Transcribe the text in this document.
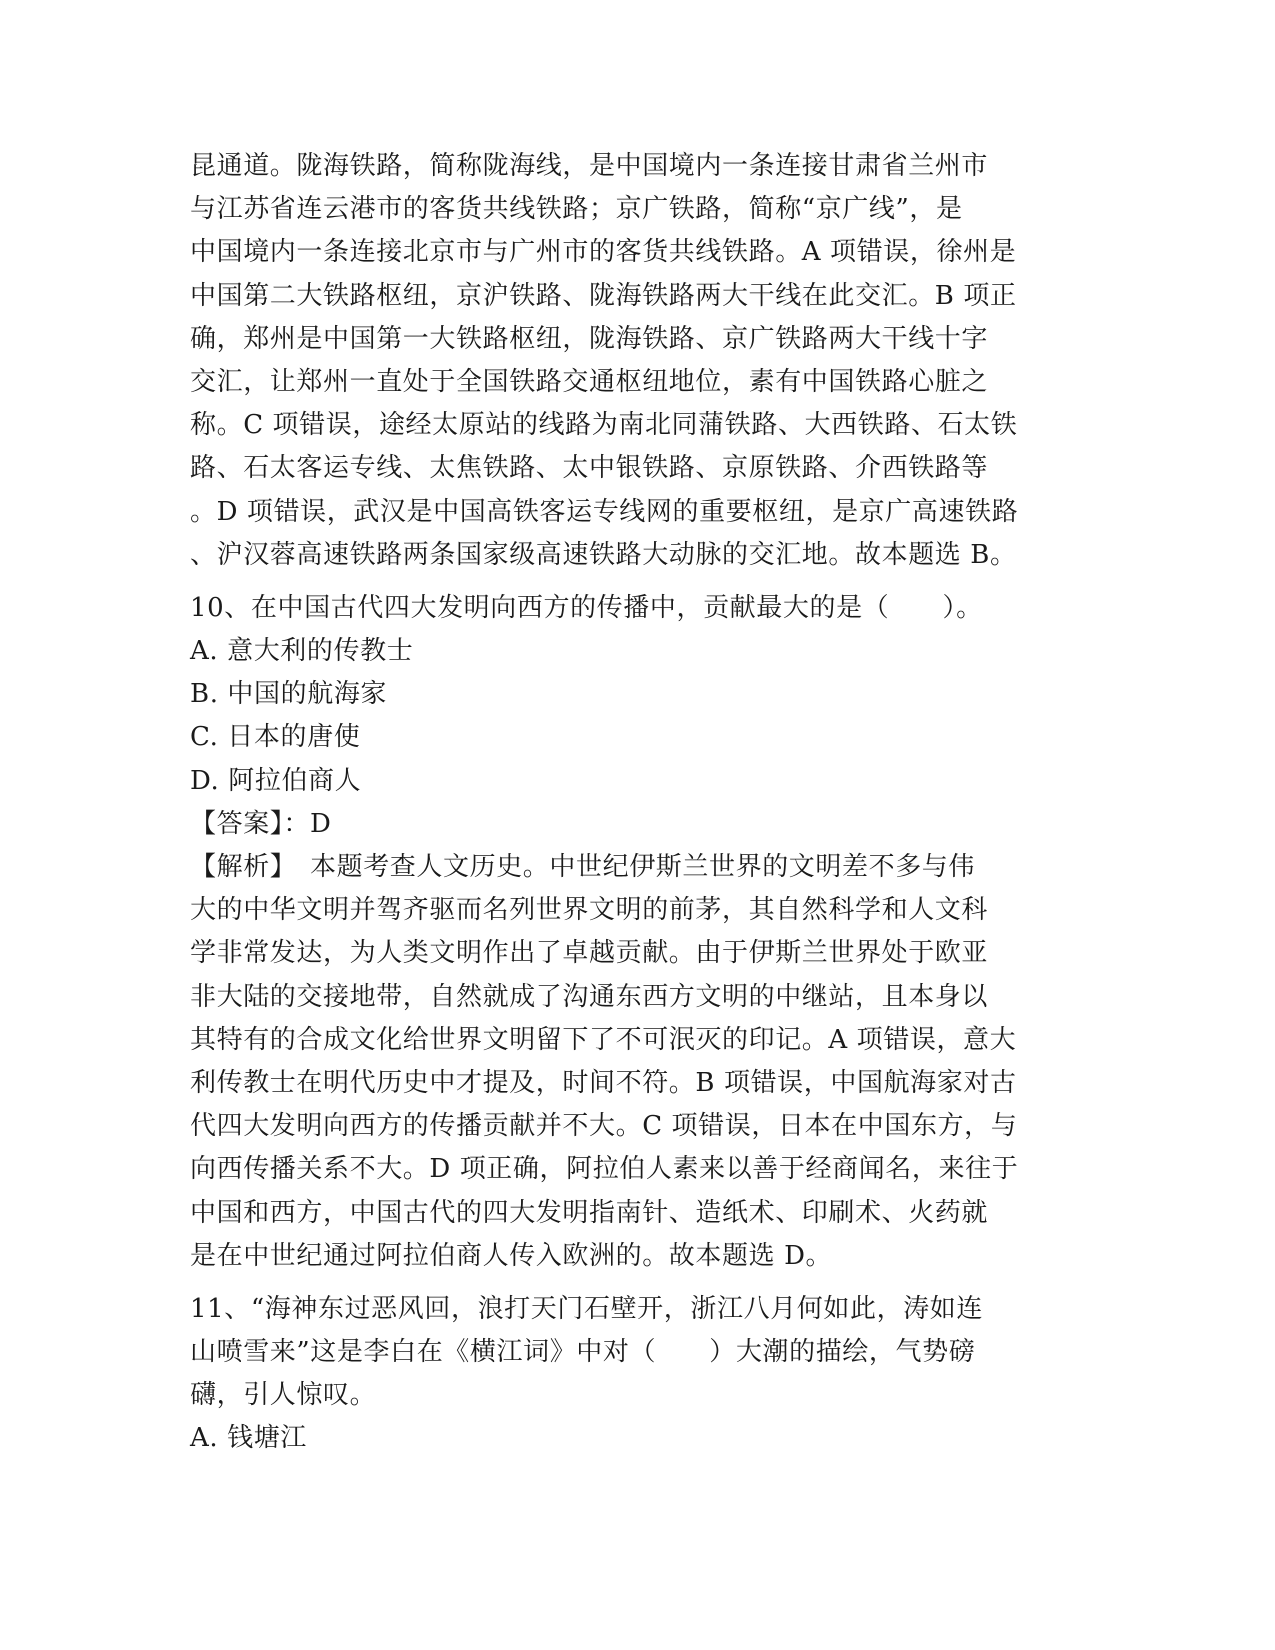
昆通道。陇海铁路，简称陇海线，是中国境内一条连接甘肃省兰州市
与江苏省连云港市的客货共线铁路；京广铁路，简称“京广线”，是
中国境内一条连接北京市与广州市的客货共线铁路。A 项错误，徐州是
中国第二大铁路枢纽，京沪铁路、陇海铁路两大干线在此交汇。B 项正
确，郑州是中国第一大铁路枢纽，陇海铁路、京广铁路两大干线十字
交汇，让郑州一直处于全国铁路交通枢纽地位，素有中国铁路心脏之
称。C 项错误，途经太原站的线路为南北同蒲铁路、大西铁路、石太铁
路、石太客运专线、太焦铁路、太中银铁路、京原铁路、介西铁路等
。D 项错误，武汉是中国高铁客运专线网的重要枢纽，是京广高速铁路
、沪汉蓉高速铁路两条国家级高速铁路大动脉的交汇地。故本题选 B。
10、在中国古代四大发明向西方的传播中，贡献最大的是（　　）。
A. 意大利的传教士
B. 中国的航海家
C. 日本的唐使
D. 阿拉伯商人
【答案】：D
【解析】　本题考查人文历史。中世纪伊斯兰世界的文明差不多与伟
大的中华文明并驾齐驱而名列世界文明的前茅，其自然科学和人文科
学非常发达，为人类文明作出了卓越贡献。由于伊斯兰世界处于欧亚
非大陆的交接地带，自然就成了沟通东西方文明的中继站，且本身以
其特有的合成文化给世界文明留下了不可泯灭的印记。A 项错误，意大
利传教士在明代历史中才提及，时间不符。B 项错误，中国航海家对古
代四大发明向西方的传播贡献并不大。C 项错误，日本在中国东方，与
向西传播关系不大。D 项正确，阿拉伯人素来以善于经商闻名，来往于
中国和西方，中国古代的四大发明指南针、造纸术、印刷术、火药就
是在中世纪通过阿拉伯商人传入欧洲的。故本题选 D。
11、“海神东过恶风回，浪打天门石壁开，浙江八月何如此，涛如连
山喷雪来”这是李白在《横江词》中对（　　）大潮的描绘，气势磅
礴，引人惊叹。
A. 钱塘江
